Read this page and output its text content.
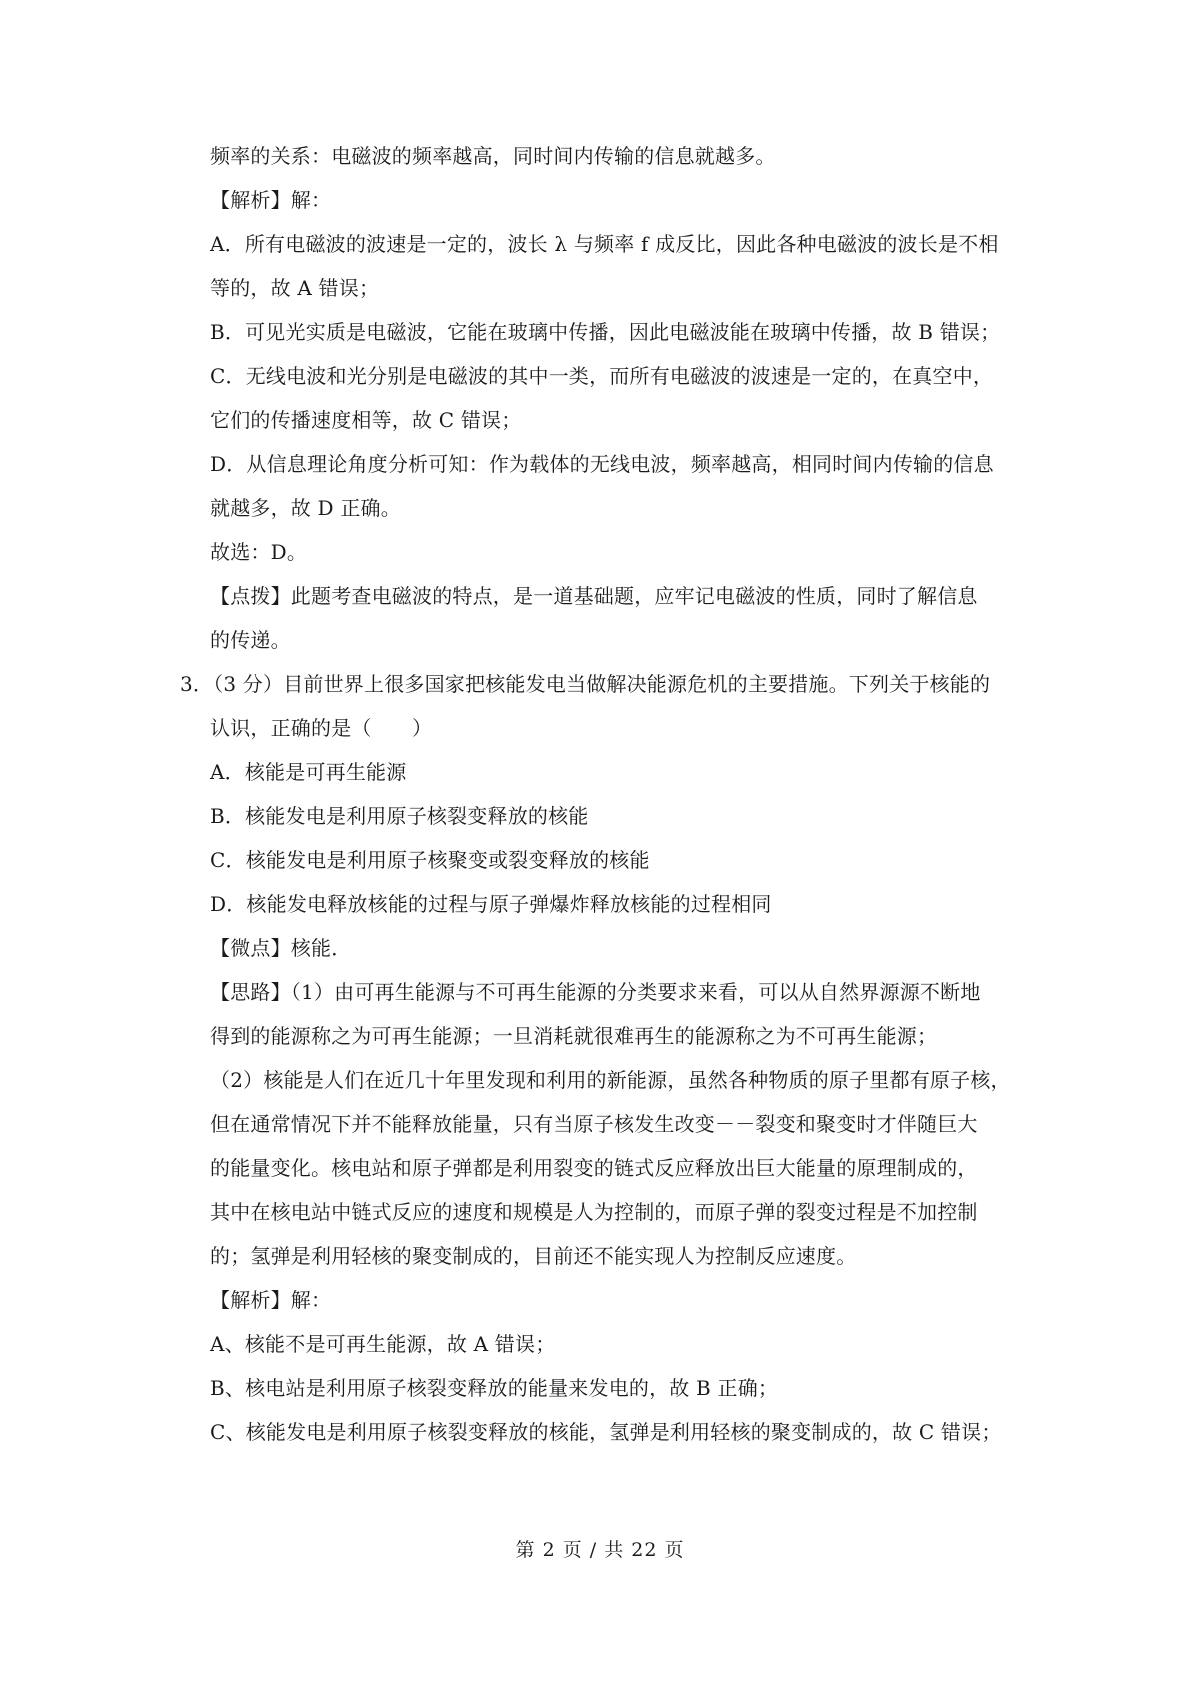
频率的关系：电磁波的频率越高，同时间内传输的信息就越多。
【解析】解：
A．所有电磁波的波速是一定的，波长 λ 与频率 f 成反比，因此各种电磁波的波长是不相
等的，故 A 错误；
B．可见光实质是电磁波，它能在玻璃中传播，因此电磁波能在玻璃中传播，故 B 错误；
C．无线电波和光分别是电磁波的其中一类，而所有电磁波的波速是一定的，在真空中，
它们的传播速度相等，故 C 错误；
D．从信息理论角度分析可知：作为载体的无线电波，频率越高，相同时间内传输的信息
就越多，故 D 正确。
故选：D。
【点拨】此题考查电磁波的特点，是一道基础题，应牢记电磁波的性质，同时了解信息
的传递。
3．（3 分）目前世界上很多国家把核能发电当做解决能源危机的主要措施。下列关于核能的
认识，正确的是（　　）
A．核能是可再生能源
B．核能发电是利用原子核裂变释放的核能
C．核能发电是利用原子核聚变或裂变释放的核能
D．核能发电释放核能的过程与原子弹爆炸释放核能的过程相同
【微点】核能．
【思路】（1）由可再生能源与不可再生能源的分类要求来看，可以从自然界源源不断地
得到的能源称之为可再生能源；一旦消耗就很难再生的能源称之为不可再生能源；
（2）核能是人们在近几十年里发现和利用的新能源，虽然各种物质的原子里都有原子核，
但在通常情况下并不能释放能量，只有当原子核发生改变－－裂变和聚变时才伴随巨大
的能量变化。核电站和原子弹都是利用裂变的链式反应释放出巨大能量的原理制成的，
其中在核电站中链式反应的速度和规模是人为控制的，而原子弹的裂变过程是不加控制
的；氢弹是利用轻核的聚变制成的，目前还不能实现人为控制反应速度。
【解析】解：
A、核能不是可再生能源，故 A 错误；
B、核电站是利用原子核裂变释放的能量来发电的，故 B 正确；
C、核能发电是利用原子核裂变释放的核能，氢弹是利用轻核的聚变制成的，故 C 错误；
第 2 页 / 共 22 页
